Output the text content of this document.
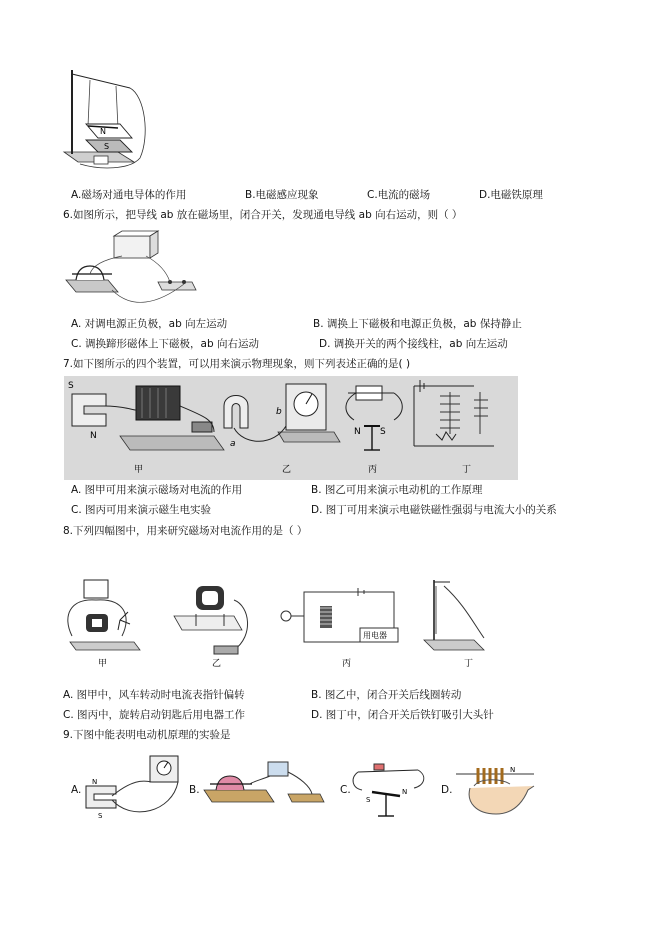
N
S
A.磁场对通电导体的作用	B.电磁感应现象	C.电流的磁场	D.电磁铁原理
6.如图所示，把导线 ab 放在磁场里，闭合开关，发现通电导线 ab 向右运动，则（ ）
A. 对调电源正负极，ab 向左运动	B. 调换上下磁极和电源正负极，ab 保持静止
C. 调换蹄形磁体上下磁极，ab 向右运动	D. 调换开关的两个接线柱，ab 向左运动
7.如下图所示的四个装置，可以用来演示物理现象，则下列表述正确的是( )
S
N
甲
a
b
乙
N S
丙	丁
A. 图甲可用来演示磁场对电流的作用	B. 图乙可用来演示电动机的工作原理
C. 图丙可用来演示磁生电实验	D. 图丁可用来演示电磁铁磁性强弱与电流大小的关系
8.下列四幅图中，用来研究磁场对电流作用的是（ ）
甲	乙
用电器
丙	丁
A. 图甲中，风车转动时电流表指针偏转	B. 图乙中，闭合开关后线圈转动
C. 图丙中，旋转启动钥匙后用电器工作	D. 图丁中，闭合开关后铁钉吸引大头针
9.下图中能表明电动机原理的实验是
A.
N
S
B.	C.	N
S
D.
N
